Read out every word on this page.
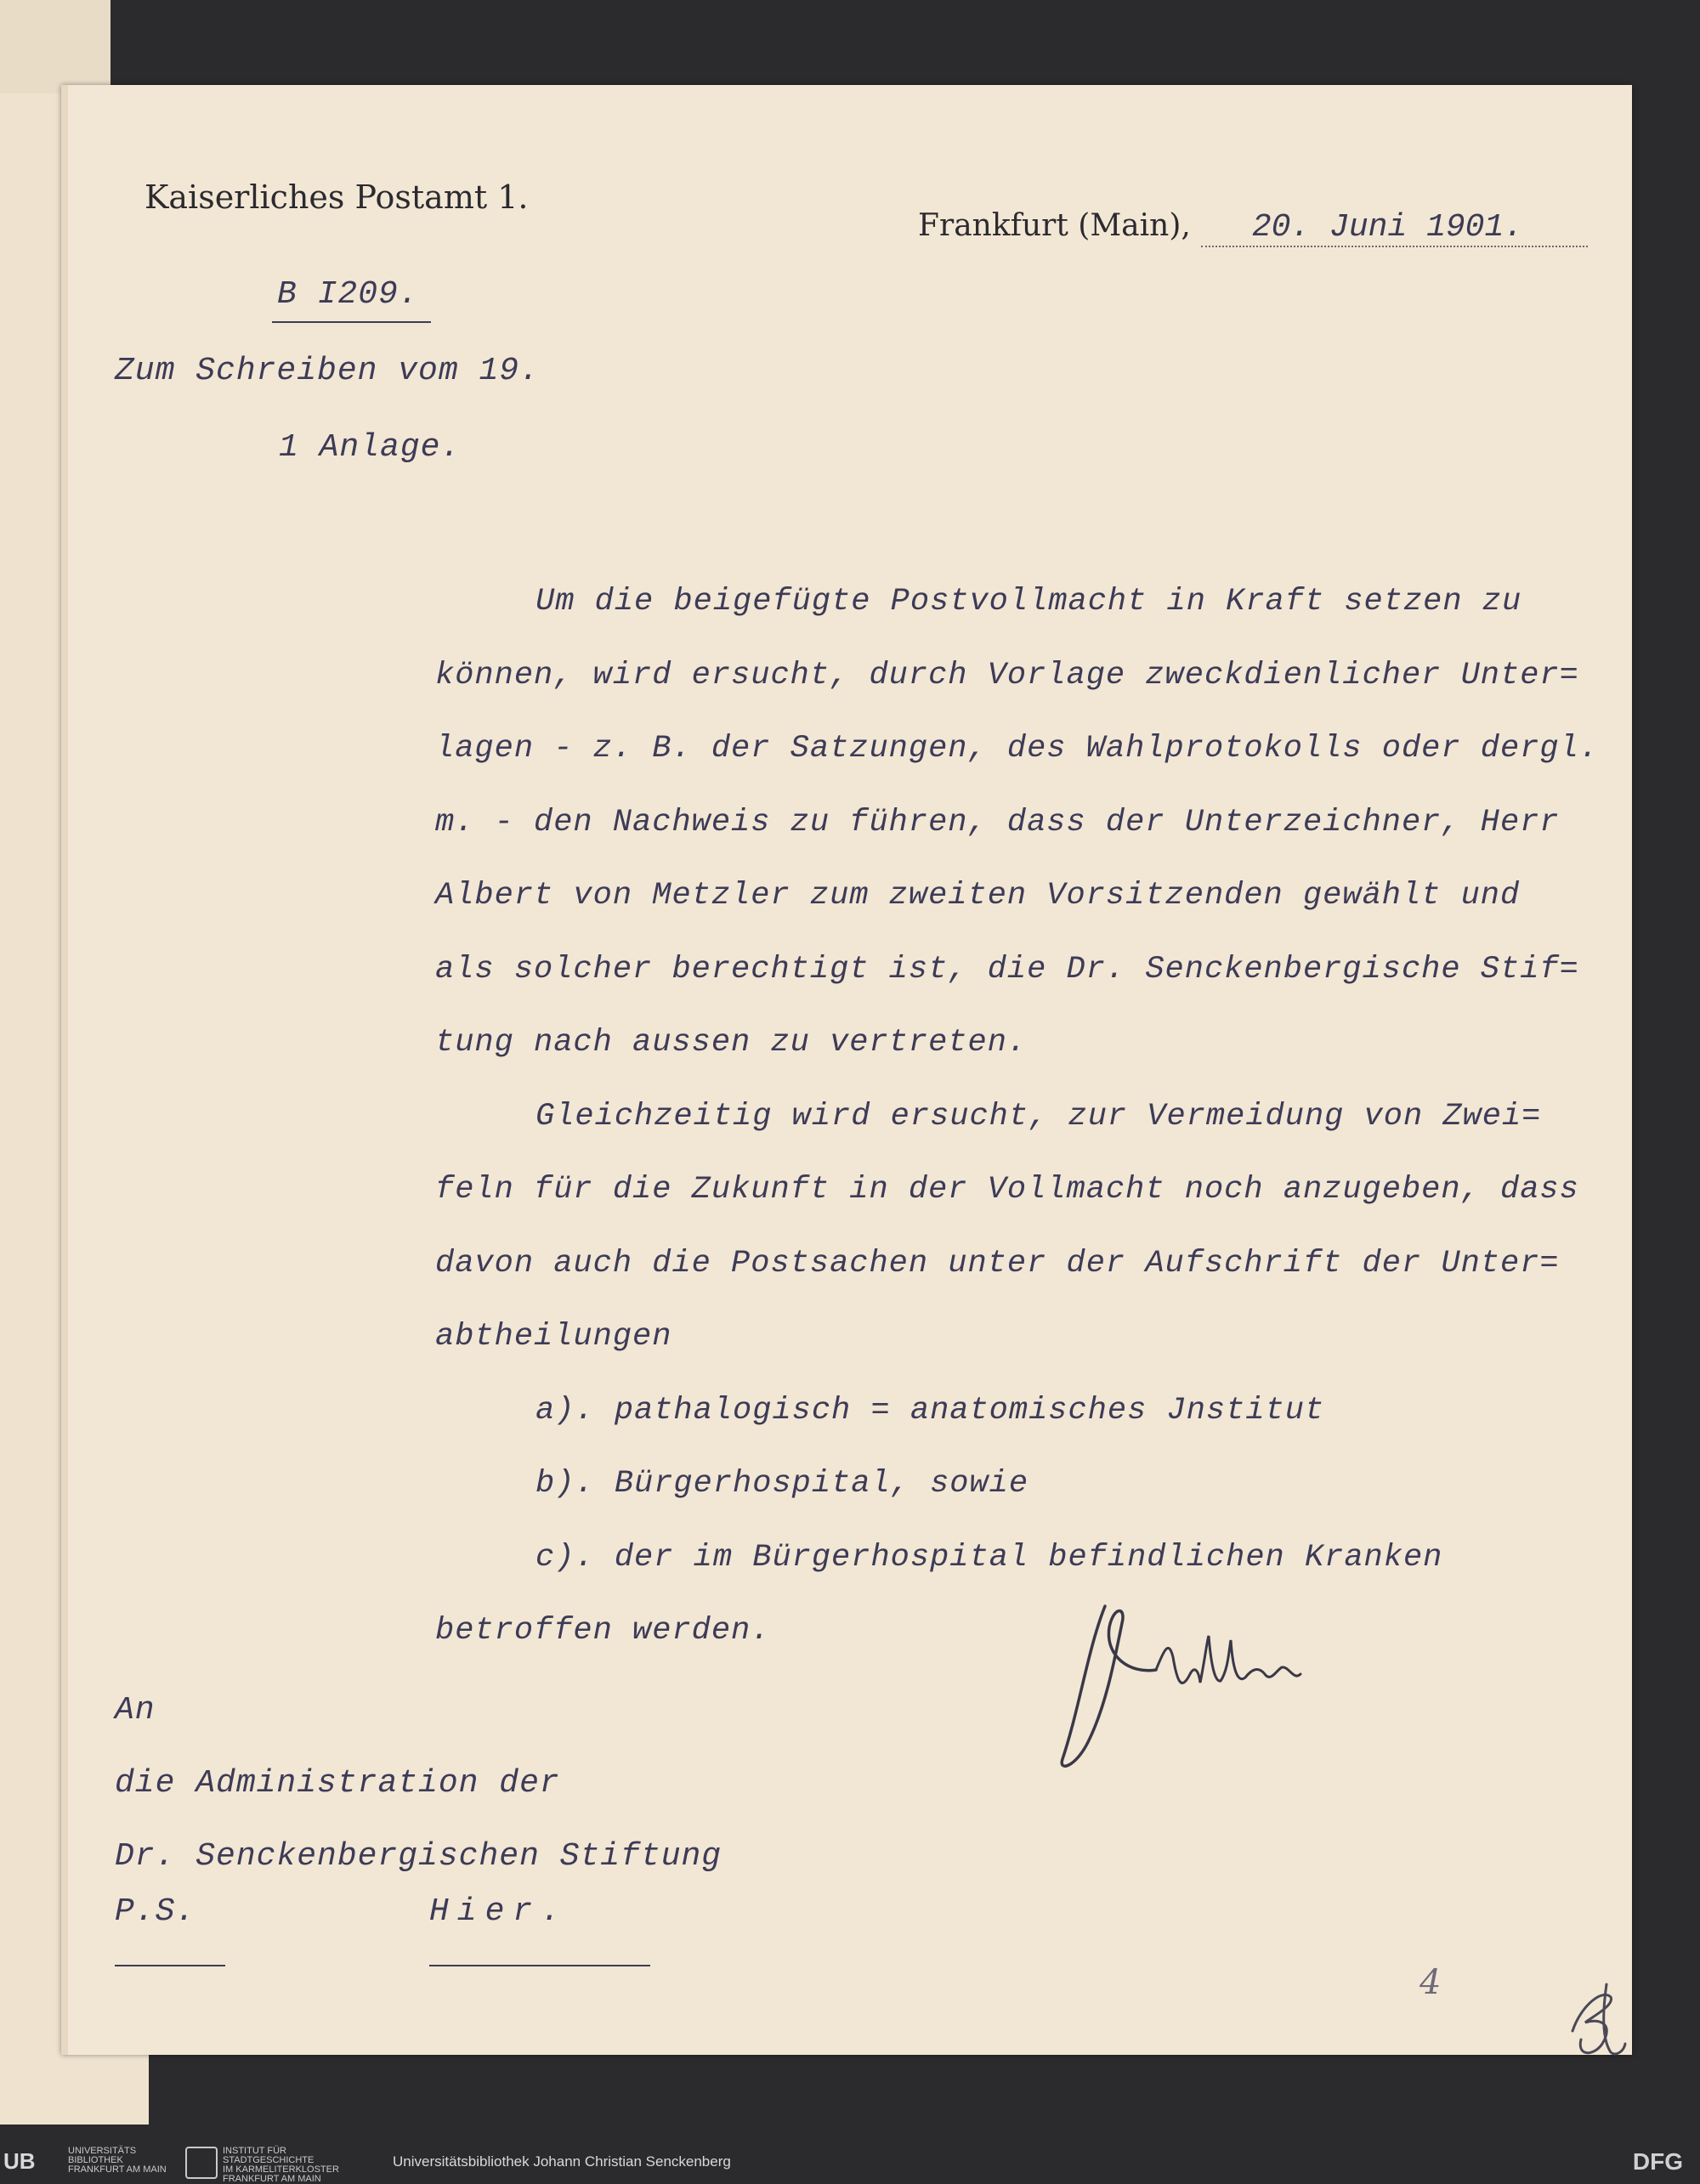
Kaiserliches Postamt 1.
Frankfurt (Main),	20. Juni 1901.
B I209.
Zum Schreiben vom 19.
1 Anlage.
Um die beigefügte Postvollmacht in Kraft setzen zu
können, wird ersucht, durch Vorlage zweckdienlicher Unter=
lagen - z. B. der Satzungen, des Wahlprotokolls oder dergl.
m. - den Nachweis zu führen, dass der Unterzeichner, Herr
Albert von Metzler zum zweiten Vorsitzenden gewählt und
als solcher berechtigt ist, die Dr. Senckenbergische Stif=
tung nach aussen zu vertreten.
Gleichzeitig wird ersucht, zur Vermeidung von Zwei=
feln für die Zukunft in der Vollmacht noch anzugeben, dass
davon auch die Postsachen unter der Aufschrift der Unter=
abtheilungen
a). pathalogisch = anatomisches Jnstitut
b). Bürgerhospital, sowie
c). der im Bürgerhospital befindlichen Kranken
betroffen werden.
An
die Administration der
Dr. Senckenbergischen Stiftung
P.S.	Hier.
4
UB	UNIVERSITÄTS
BIBLIOTHEK
FRANKFURT AM MAIN
INSTITUT FÜR
STADTGESCHICHTE
IM KARMELITERKLOSTER
FRANKFURT AM MAIN
Universitätsbibliothek Johann Christian Senckenberg	DFG
